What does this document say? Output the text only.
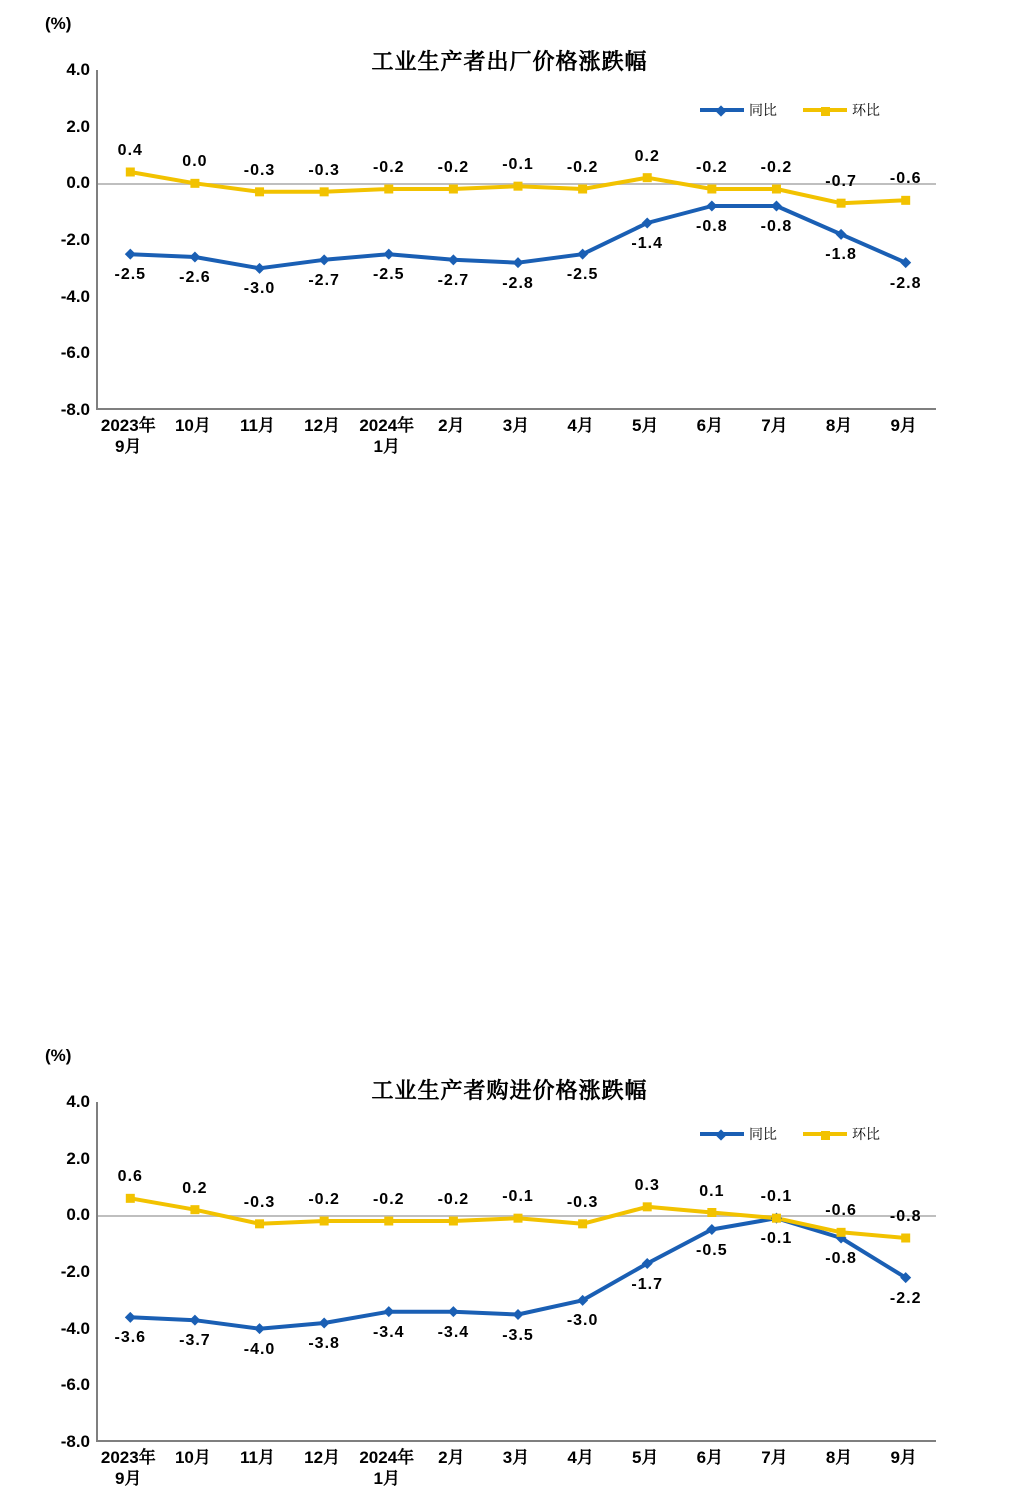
(%)
工业生产者出厂价格涨跌幅
4.0
2.0
0.0
-2.0
-4.0
-6.0
-8.0
-2.5 -2.6
-3.0 -2.7 -2.5 -2.7 -2.8 -2.5
-1.4
-0.8 -0.8
-1.8
-2.8
0.4
0.0 -0.3 -0.3 -0.2 -0.2 -0.1 -0.2
0.2
-0.2 -0.2
-0.7 -0.6
2023年
9月
10月 11月 12月 2024年
1月
2月 3月 4月 5月 6月 7月 8月 9月
同比	环比
(%)
工业生产者购进价格涨跌幅
4.0
2.0
0.0
-2.0
-4.0
-6.0
-8.0
-3.6 -3.7 -4.0 -3.8
-3.4 -3.4 -3.5
-3.0
-1.7
-0.5
-0.1
-0.8
-2.2
0.6
0.2
-0.3 -0.2 -0.2 -0.2 -0.1 -0.3
0.3 0.1 -0.1
-0.6 -0.8
2023年
9月
10月 11月 12月 2024年
1月
2月 3月 4月 5月 6月 7月 8月 9月
同比	环比
